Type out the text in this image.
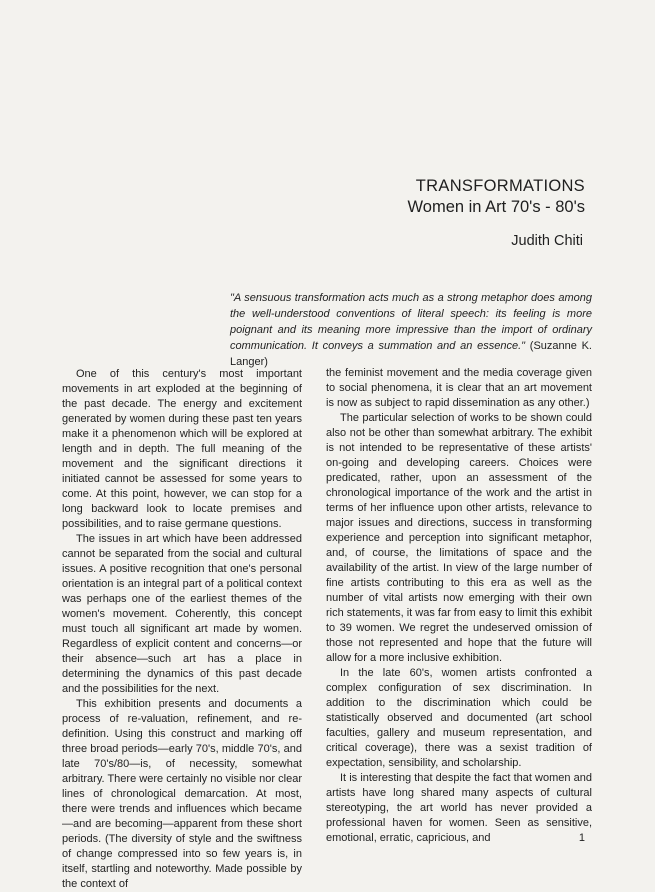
TRANSFORMATIONS
Women in Art 70's - 80's
Judith Chiti
"A sensuous transformation acts much as a strong metaphor does among the well-understood conventions of literal speech: its feeling is more poignant and its meaning more impressive than the import of ordinary communication. It conveys a summation and an essence." (Suzanne K. Langer)

One of this century's most important movements in art exploded at the beginning of the past decade. The energy and excitement generated by women during these past ten years make it a phenomenon which will be explored at length and in depth. The full meaning of the movement and the significant directions it initiated cannot be assessed for some years to come. At this point, however, we can stop for a long backward look to locate premises and possibilities, and to raise germane questions.

The issues in art which have been addressed cannot be separated from the social and cultural issues. A positive recognition that one's personal orientation is an integral part of a political context was perhaps one of the earliest themes of the women's movement. Coherently, this concept must touch all significant art made by women. Regardless of explicit content and concerns—or their absence—such art has a place in determining the dynamics of this past decade and the possibilities for the next.

This exhibition presents and documents a process of re-valuation, refinement, and re-definition. Using this construct and marking off three broad periods—early 70's, middle 70's, and late 70's/80—is, of necessity, somewhat arbitrary. There were certainly no visible nor clear lines of chronological demarcation. At most, there were trends and influences which became—and are becoming—apparent from these short periods. (The diversity of style and the swiftness of change compressed into so few years is, in itself, startling and noteworthy. Made possible by the context of

the feminist movement and the media coverage given to social phenomena, it is clear that an art movement is now as subject to rapid dissemination as any other.)

The particular selection of works to be shown could also not be other than somewhat arbitrary. The exhibit is not intended to be representative of these artists' on-going and developing careers. Choices were predicated, rather, upon an assessment of the chronological importance of the work and the artist in terms of her influence upon other artists, relevance to major issues and directions, success in transforming experience and perception into significant metaphor, and, of course, the limitations of space and the availability of the artist. In view of the large number of fine artists contributing to this era as well as the number of vital artists now emerging with their own rich statements, it was far from easy to limit this exhibit to 39 women. We regret the undeserved omission of those not represented and hope that the future will allow for a more inclusive exhibition.

In the late 60's, women artists confronted a complex configuration of sex discrimination. In addition to the discrimination which could be statistically observed and documented (art school faculties, gallery and museum representation, and critical coverage), there was a sexist tradition of expectation, sensibility, and scholarship.

It is interesting that despite the fact that women and artists have long shared many aspects of cultural stereotyping, the art world has never provided a professional haven for women. Seen as sensitive, emotional, erratic, capricious, and	1
